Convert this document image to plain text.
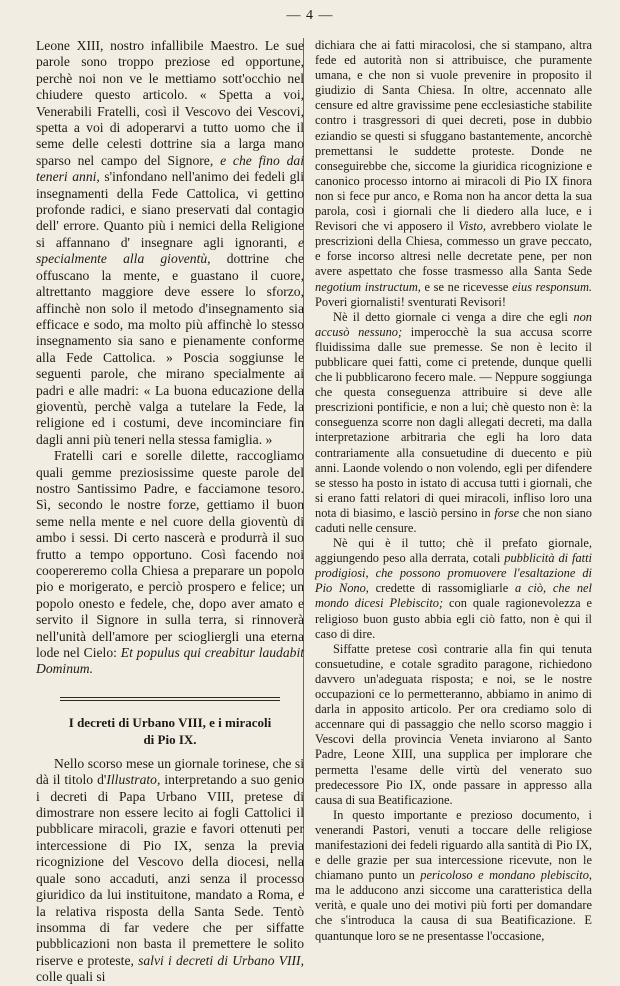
— 4 —

Leone XIII, nostro infallibile Maestro. Le sue parole sono troppo preziose ed opportune, perchè noi non ve le mettiamo sott'occhio nel chiudere questo articolo. « Spetta a voi, Venerabili Fratelli, così il Vescovo dei Vescovi, spetta a voi di adoperarvi a tutto uomo che il seme delle celesti dottrine sia a larga mano sparso nel campo del Signore, e che fino dai teneri anni, s'infondano nell'animo dei fedeli gli insegnamenti della Fede Cattolica, vi gettino profonde radici, e siano preservati dal contagio dell' errore. Quanto più i nemici della Religione si affannano d' insegnare agli ignoranti, e specialmente alla gioventù, dottrine che offuscano la mente, e guastano il cuore, altrettanto maggiore deve essere lo sforzo, affinchè non solo il metodo d'insegnamento sia efficace e sodo, ma molto più affinchè lo stesso insegnamento sia sano e pienamente conforme alla Fede Cattolica. » Poscia soggiunse le seguenti parole, che mirano specialmente ai padri e alle madri: « La buona educazione della gioventù, perchè valga a tutelare la Fede, la religione ed i costumi, deve incominciare fin dagli anni più teneri nella stessa famiglia. »

Fratelli cari e sorelle dilette, raccogliamo quali gemme preziosissime queste parole del nostro Santissimo Padre, e facciamone tesoro. Sì, secondo le nostre forze, gettiamo il buon seme nella mente e nel cuore della gioventù di ambo i sessi. Di certo nascerà e produrrà il suo frutto a tempo opportuno. Così facendo noi coopereremo colla Chiesa a preparare un popolo pio e morigerato, e perciò prospero e felice; un popolo onesto e fedele, che, dopo aver amato e servito il Signore in sulla terra, si rinnoverà nell'unità dell'amore per sciogliergli una eterna lode nel Cielo: Et populus qui creabitur laudabit Dominum.

I decreti di Urbano VIII, e i miracoli
di Pio IX.

Nello scorso mese un giornale torinese, che si dà il titolo d'Illustrato, interpretando a suo genio i decreti di Papa Urbano VIII, pretese di dimostrare non essere lecito ai fogli Cattolici il pubblicare miracoli, grazie e favori ottenuti per intercessione di Pio IX, senza la previa ricognizione del Vescovo della diocesi, nella quale sono accaduti, anzi senza il processo giuridico da lui instituitone, mandato a Roma, e la relativa risposta della Santa Sede. Tentò insomma di far vedere che per siffatte pubblicazioni non basta il premettere le solito riserve e proteste, salvi i decreti di Urbano VIII, colle quali si

dichiara che ai fatti miracolosi, che si stampano, altra fede ed autorità non si attribuisce, che puramente umana, e che non si vuole prevenire in proposito il giudizio di Santa Chiesa. In oltre, accennato alle censure ed altre gravissime pene ecclesiastiche stabilite contro i trasgressori di quei decreti, pose in dubbio eziandio se questi si sfuggano bastantemente, ancorchè premettansi le suddette proteste. Donde ne conseguirebbe che, siccome la giuridica ricognizione e canonico processo intorno ai miracoli di Pio IX finora non si fece pur anco, e Roma non ha ancor detta la sua parola, così i giornali che li diedero alla luce, e i Revisori che vi apposero il Visto, avrebbero violate le prescrizioni della Chiesa, commesso un grave peccato, e forse incorso altresi nelle decretate pene, per non avere aspettato che fosse trasmesso alla Santa Sede negotium instructum, e se ne ricevesse eius responsum. Poveri giornalisti! sventurati Revisori!

Nè il detto giornale ci venga a dire che egli non accusò nessuno; imperocchè la sua accusa scorre fluidissima dalle sue premesse. Se non è lecito il pubblicare quei fatti, come ci pretende, dunque quelli che li pubblicarono fecero male. — Neppure soggiunga che questa conseguenza attribuire si deve alle prescrizioni pontificie, e non a lui; chè questo non è: la conseguenza scorre non dagli allegati decreti, ma dalla interpretazione arbitraria che egli ha loro data contrariamente alla consuetudine di duecento e più anni. Laonde volendo o non volendo, egli per difendere se stesso ha posto in istato di accusa tutti i giornali, che si erano fatti relatori di quei miracoli, infliso loro una nota di biasimo, e lasciò persino in forse che non siano caduti nelle censure.

Nè qui è il tutto; chè il prefato giornale, aggiungendo peso alla derrata, cotali pubblicità di fatti prodigiosi, che possono promuovere l'esaltazione di Pio Nono, credette di rassomigliarle a ciò, che nel mondo dicesi Plebiscito; con quale ragionevolezza e religioso buon gusto abbia egli ciò fatto, non è qui il caso di dire.

Siffatte pretese così contrarie alla fin qui tenuta consuetudine, e cotale sgradito paragone, richiedono davvero un'adeguata risposta; e noi, se le nostre occupazioni ce lo permetteranno, abbiamo in animo di darla in apposito articolo. Per ora crediamo solo di accennare qui di passaggio che nello scorso maggio i Vescovi della provincia Veneta inviarono al Santo Padre, Leone XIII, una supplica per implorare che permetta l'esame delle virtù del venerato suo predecessore Pio IX, onde passare in appresso alla causa di sua Beatificazione.

In questo importante e prezioso documento, i venerandi Pastori, venuti a toccare delle religiose manifestazioni dei fedeli riguardo alla santità di Pio IX, e delle grazie per sua intercessione ricevute, non le chiamano punto un pericoloso e mondano plebiscito, ma le adducono anzi siccome una caratteristica della verità, e quale uno dei motivi più forti per domandare che s'introduca la causa di sua Beatificazione. E quantunque loro se ne presentasse l'occasione,
